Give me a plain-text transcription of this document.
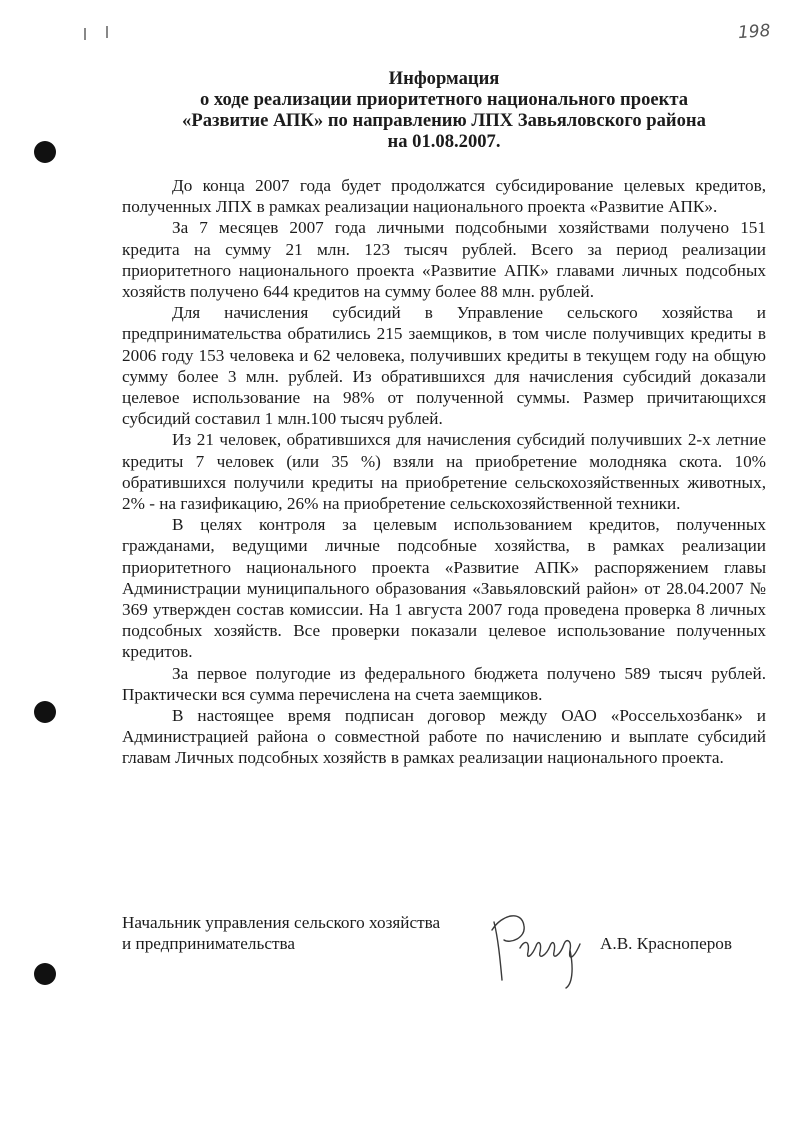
198
Информация
о ходе реализации приоритетного национального проекта
«Развитие АПК» по направлению ЛПХ Завьяловского района
на 01.08.2007.

До конца 2007 года будет продолжатся субсидирование целевых кредитов, полученных ЛПХ в рамках реализации национального проекта «Развитие АПК».

За 7 месяцев 2007 года личными подсобными хозяйствами получено 151 кредита на сумму 21 млн. 123 тысяч рублей. Всего за период реализации приоритетного национального проекта «Развитие АПК» главами личных подсобных хозяйств получено 644 кредитов на сумму более 88 млн. рублей.

Для начисления субсидий в Управление сельского хозяйства и предпринимательства обратились 215 заемщиков, в том числе получивщих кредиты в 2006 году 153 человека и 62 человека, получивших кредиты в текущем году на общую сумму более 3 млн. рублей. Из обратившихся для начисления субсидий доказали целевое использование на 98% от полученной суммы. Размер причитающихся субсидий составил 1 млн.100 тысяч рублей.

Из 21 человек, обратившихся для начисления субсидий получивших 2-х летние кредиты 7 человек (или 35 %) взяли на приобретение молодняка скота. 10% обратившихся получили кредиты на приобретение сельскохозяйственных животных, 2% - на газификацию, 26% на приобретение сельскохозяйственной техники.

В целях контроля за целевым использованием кредитов, полученных гражданами, ведущими личные подсобные хозяйства, в рамках реализации приоритетного национального проекта «Развитие АПК» распоряжением главы Администрации муниципального образования «Завьяловский район» от 28.04.2007 № 369 утвержден состав комиссии. На 1 августа 2007 года проведена проверка 8 личных подсобных хозяйств. Все проверки показали целевое использование полученных кредитов.

За первое полугодие из федерального бюджета получено 589 тысяч рублей. Практически вся сумма перечислена на счета заемщиков.

В настоящее время подписан договор между ОАО «Россельхозбанк» и Администрацией района о совместной работе по начислению и выплате субсидий главам Личных подсобных хозяйств в рамках реализации национального проекта.

Начальник управления сельского хозяйства
и предпринимательства	А.В. Красноперов
